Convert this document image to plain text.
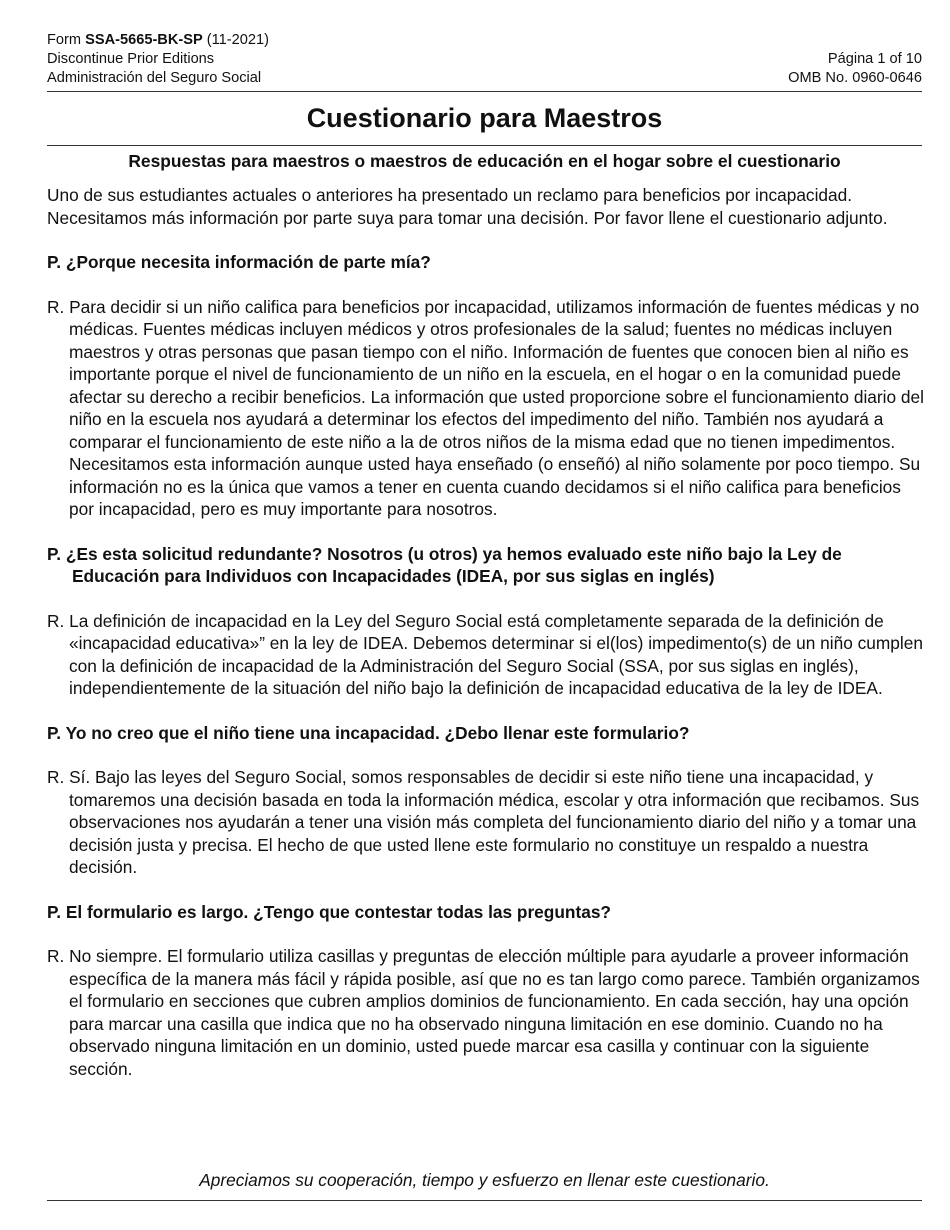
Form SSA-5665-BK-SP (11-2021)
Discontinue Prior Editions
Administración del Seguro Social
Página 1 of 10
OMB No. 0960-0646
Cuestionario para Maestros
Respuestas para maestros o maestros de educación en el hogar sobre el cuestionario

Uno de sus estudiantes actuales o anteriores ha presentado un reclamo para beneficios por incapacidad. Necesitamos más información por parte suya para tomar una decisión. Por favor llene el cuestionario adjunto.

P. ¿Porque necesita información de parte mía?

R. Para decidir si un niño califica para beneficios por incapacidad, utilizamos información de fuentes médicas y no médicas. Fuentes médicas incluyen médicos y otros profesionales de la salud; fuentes no médicas incluyen maestros y otras personas que pasan tiempo con el niño. Información de fuentes que conocen bien al niño es importante porque el nivel de funcionamiento de un niño en la escuela, en el hogar o en la comunidad puede afectar su derecho a recibir beneficios. La información que usted proporcione sobre el funcionamiento diario del niño en la escuela nos ayudará a determinar los efectos del impedimento del niño. También nos ayudará a comparar el funcionamiento de este niño a la de otros niños de la misma edad que no tienen impedimentos. Necesitamos esta información aunque usted haya enseñado (o enseñó) al niño solamente por poco tiempo. Su información no es la única que vamos a tener en cuenta cuando decidamos si el niño califica para beneficios por incapacidad, pero es muy importante para nosotros.

P. ¿Es esta solicitud redundante? Nosotros (u otros) ya hemos evaluado este niño bajo la Ley de Educación para Individuos con Incapacidades (IDEA, por sus siglas en inglés)

R. La definición de incapacidad en la Ley del Seguro Social está completamente separada de la definición de «incapacidad educativa»” en la ley de IDEA. Debemos determinar si el(los) impedimento(s) de un niño cumplen con la definición de incapacidad de la Administración del Seguro Social (SSA, por sus siglas en inglés), independientemente de la situación del niño bajo la definición de incapacidad educativa de la ley de IDEA.

P. Yo no creo que el niño tiene una incapacidad. ¿Debo llenar este formulario?

R. Sí. Bajo las leyes del Seguro Social, somos responsables de decidir si este niño tiene una incapacidad, y tomaremos una decisión basada en toda la información médica, escolar y otra información que recibamos. Sus observaciones nos ayudarán a tener una visión más completa del funcionamiento diario del niño y a tomar una decisión justa y precisa. El hecho de que usted llene este formulario no constituye un respaldo a nuestra decisión.

P. El formulario es largo. ¿Tengo que contestar todas las preguntas?

R. No siempre. El formulario utiliza casillas y preguntas de elección múltiple para ayudarle a proveer información específica de la manera más fácil y rápida posible, así que no es tan largo como parece. También organizamos el formulario en secciones que cubren amplios dominios de funcionamiento. En cada sección, hay una opción para marcar una casilla que indica que no ha observado ninguna limitación en ese dominio. Cuando no ha observado ninguna limitación en un dominio, usted puede marcar esa casilla y continuar con la siguiente sección.

Apreciamos su cooperación, tiempo y esfuerzo en llenar este cuestionario.
